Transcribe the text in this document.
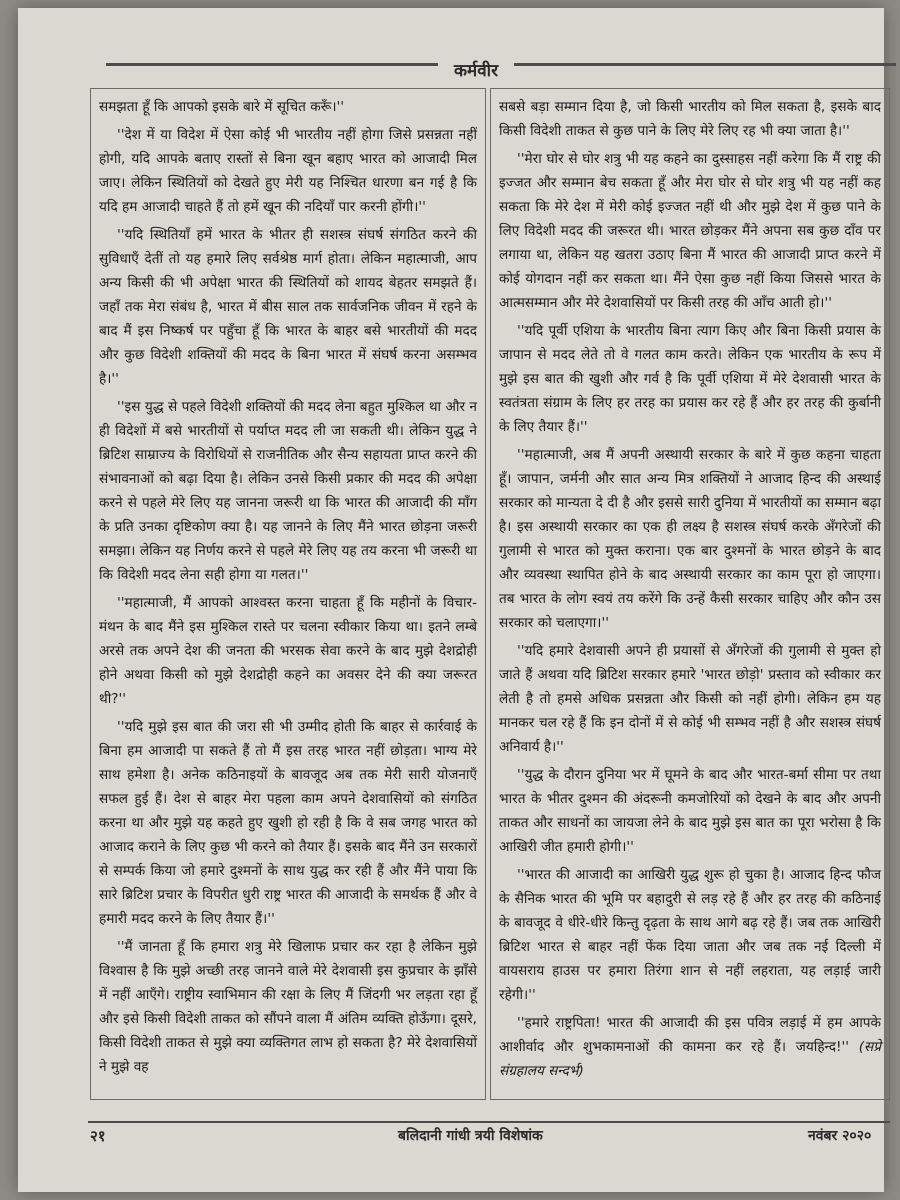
कर्मवीर

समझता हूँ कि आपको इसके बारे में सूचित करूँ।''

''देश में या विदेश में ऐसा कोई भी भारतीय नहीं होगा जिसे प्रसन्नता नहीं होगी, यदि आपके बताए रास्तों से बिना खून बहाए भारत को आजादी मिल जाए। लेकिन स्थितियों को देखते हुए मेरी यह निश्चित धारणा बन गई है कि यदि हम आजादी चाहते हैं तो हमें खून की नदियाँ पार करनी होंगी।''

''यदि स्थितियाँ हमें भारत के भीतर ही सशस्त्र संघर्ष संगठित करने की सुविधाएँ देतीं तो यह हमारे लिए सर्वश्रेष्ठ मार्ग होता। लेकिन महात्माजी, आप अन्य किसी की भी अपेक्षा भारत की स्थितियों को शायद बेहतर समझते हैं। जहाँ तक मेरा संबंध है, भारत में बीस साल तक सार्वजनिक जीवन में रहने के बाद मैं इस निष्कर्ष पर पहुँचा हूँ कि भारत के बाहर बसे भारतीयों की मदद और कुछ विदेशी शक्तियों की मदद के बिना भारत में संघर्ष करना असम्भव है।''

''इस युद्ध से पहले विदेशी शक्तियों की मदद लेना बहुत मुश्किल था और न ही विदेशों में बसे भारतीयों से पर्याप्त मदद ली जा सकती थी। लेकिन युद्ध ने ब्रिटिश साम्राज्य के विरोधियों से राजनीतिक और सैन्य सहायता प्राप्त करने की संभावनाओं को बढ़ा दिया है। लेकिन उनसे किसी प्रकार की मदद की अपेक्षा करने से पहले मेरे लिए यह जानना जरूरी था कि भारत की आजादी की माँग के प्रति उनका दृष्टिकोण क्या है। यह जानने के लिए मैंने भारत छोड़ना जरूरी समझा। लेकिन यह निर्णय करने से पहले मेरे लिए यह तय करना भी जरूरी था कि विदेशी मदद लेना सही होगा या गलत।''

''महात्माजी, मैं आपको आश्वस्त करना चाहता हूँ कि महीनों के विचार-मंथन के बाद मैंने इस मुश्किल रास्ते पर चलना स्वीकार किया था। इतने लम्बे अरसे तक अपने देश की जनता की भरसक सेवा करने के बाद मुझे देशद्रोही होने अथवा किसी को मुझे देशद्रोही कहने का अवसर देने की क्या जरूरत थी?''

''यदि मुझे इस बात की जरा सी भी उम्मीद होती कि बाहर से कार्रवाई के बिना हम आजादी पा सकते हैं तो मैं इस तरह भारत नहीं छोड़ता। भाग्य मेरे साथ हमेशा है। अनेक कठिनाइयों के बावजूद अब तक मेरी सारी योजनाएँ सफल हुई हैं। देश से बाहर मेरा पहला काम अपने देशवासियों को संगठित करना था और मुझे यह कहते हुए खुशी हो रही है कि वे सब जगह भारत को आजाद कराने के लिए कुछ भी करने को तैयार हैं। इसके बाद मैंने उन सरकारों से सम्पर्क किया जो हमारे दुश्मनों के साथ युद्ध कर रही हैं और मैंने पाया कि सारे ब्रिटिश प्रचार के विपरीत धुरी राष्ट्र भारत की आजादी के समर्थक हैं और वे हमारी मदद करने के लिए तैयार हैं।''

''मैं जानता हूँ कि हमारा शत्रु मेरे खिलाफ प्रचार कर रहा है लेकिन मुझे विश्वास है कि मुझे अच्छी तरह जानने वाले मेरे देशवासी इस कुप्रचार के झाँसे में नहीं आएँगे। राष्ट्रीय स्वाभिमान की रक्षा के लिए मैं जिंदगी भर लड़ता रहा हूँ और इसे किसी विदेशी ताकत को सौंपने वाला मैं अंतिम व्यक्ति होऊँगा। दूसरे, किसी विदेशी ताकत से मुझे क्या व्यक्तिगत लाभ हो सकता है? मेरे देशवासियों ने मुझे वह

सबसे बड़ा सम्मान दिया है, जो किसी भारतीय को मिल सकता है, इसके बाद किसी विदेशी ताकत से कुछ पाने के लिए मेरे लिए रह भी क्या जाता है।''

''मेरा घोर से घोर शत्रु भी यह कहने का दुस्साहस नहीं करेगा कि मैं राष्ट्र की इज्जत और सम्मान बेच सकता हूँ और मेरा घोर से घोर शत्रु भी यह नहीं कह सकता कि मेरे देश में मेरी कोई इज्जत नहीं थी और मुझे देश में कुछ पाने के लिए विदेशी मदद की जरूरत थी। भारत छोड़कर मैंने अपना सब कुछ दाँव पर लगाया था, लेकिन यह खतरा उठाए बिना मैं भारत की आजादी प्राप्त करने में कोई योगदान नहीं कर सकता था। मैंने ऐसा कुछ नहीं किया जिससे भारत के आत्मसम्मान और मेरे देशवासियों पर किसी तरह की आँच आती हो।''

''यदि पूर्वी एशिया के भारतीय बिना त्याग किए और बिना किसी प्रयास के जापान से मदद लेते तो वे गलत काम करते। लेकिन एक भारतीय के रूप में मुझे इस बात की खुशी और गर्व है कि पूर्वी एशिया में मेरे देशवासी भारत के स्वतंत्रता संग्राम के लिए हर तरह का प्रयास कर रहे हैं और हर तरह की कुर्बानी के लिए तैयार हैं।''

''महात्माजी, अब मैं अपनी अस्थायी सरकार के बारे में कुछ कहना चाहता हूँ। जापान, जर्मनी और सात अन्य मित्र शक्तियों ने आजाद हिन्द की अस्थाई सरकार को मान्यता दे दी है और इससे सारी दुनिया में भारतीयों का सम्मान बढ़ा है। इस अस्थायी सरकार का एक ही लक्ष्य है सशस्त्र संघर्ष करके अँगरेजों की गुलामी से भारत को मुक्त कराना। एक बार दुश्मनों के भारत छोड़ने के बाद और व्यवस्था स्थापित होने के बाद अस्थायी सरकार का काम पूरा हो जाएगा। तब भारत के लोग स्वयं तय करेंगे कि उन्हें कैसी सरकार चाहिए और कौन उस सरकार को चलाएगा।''

''यदि हमारे देशवासी अपने ही प्रयासों से अँगरेजों की गुलामी से मुक्त हो जाते हैं अथवा यदि ब्रिटिश सरकार हमारे 'भारत छोड़ो' प्रस्ताव को स्वीकार कर लेती है तो हमसे अधिक प्रसन्नता और किसी को नहीं होगी। लेकिन हम यह मानकर चल रहे हैं कि इन दोनों में से कोई भी सम्भव नहीं है और सशस्त्र संघर्ष अनिवार्य है।''

''युद्ध के दौरान दुनिया भर में घूमने के बाद और भारत-बर्मा सीमा पर तथा भारत के भीतर दुश्मन की अंदरूनी कमजोरियों को देखने के बाद और अपनी ताकत और साधनों का जायजा लेने के बाद मुझे इस बात का पूरा भरोसा है कि आखिरी जीत हमारी होगी।''

''भारत की आजादी का आखिरी युद्ध शुरू हो चुका है। आजाद हिन्द फौज के सैनिक भारत की भूमि पर बहादुरी से लड़ रहे हैं और हर तरह की कठिनाई के बावजूद वे धीरे-धीरे किन्तु दृढ़ता के साथ आगे बढ़ रहे हैं। जब तक आखिरी ब्रिटिश भारत से बाहर नहीं फेंक दिया जाता और जब तक नई दिल्ली में वायसराय हाउस पर हमारा तिरंगा शान से नहीं लहराता, यह लड़ाई जारी रहेगी।''

''हमारे राष्ट्रपिता! भारत की आजादी की इस पवित्र लड़ाई में हम आपके आशीर्वाद और शुभकामनाओं की कामना कर रहे हैं। जयहिन्द!'' (सप्रे संग्रहालय सन्दर्भ)

२१	बलिदानी गांधी त्रयी विशेषांक	नवंबर २०२०
